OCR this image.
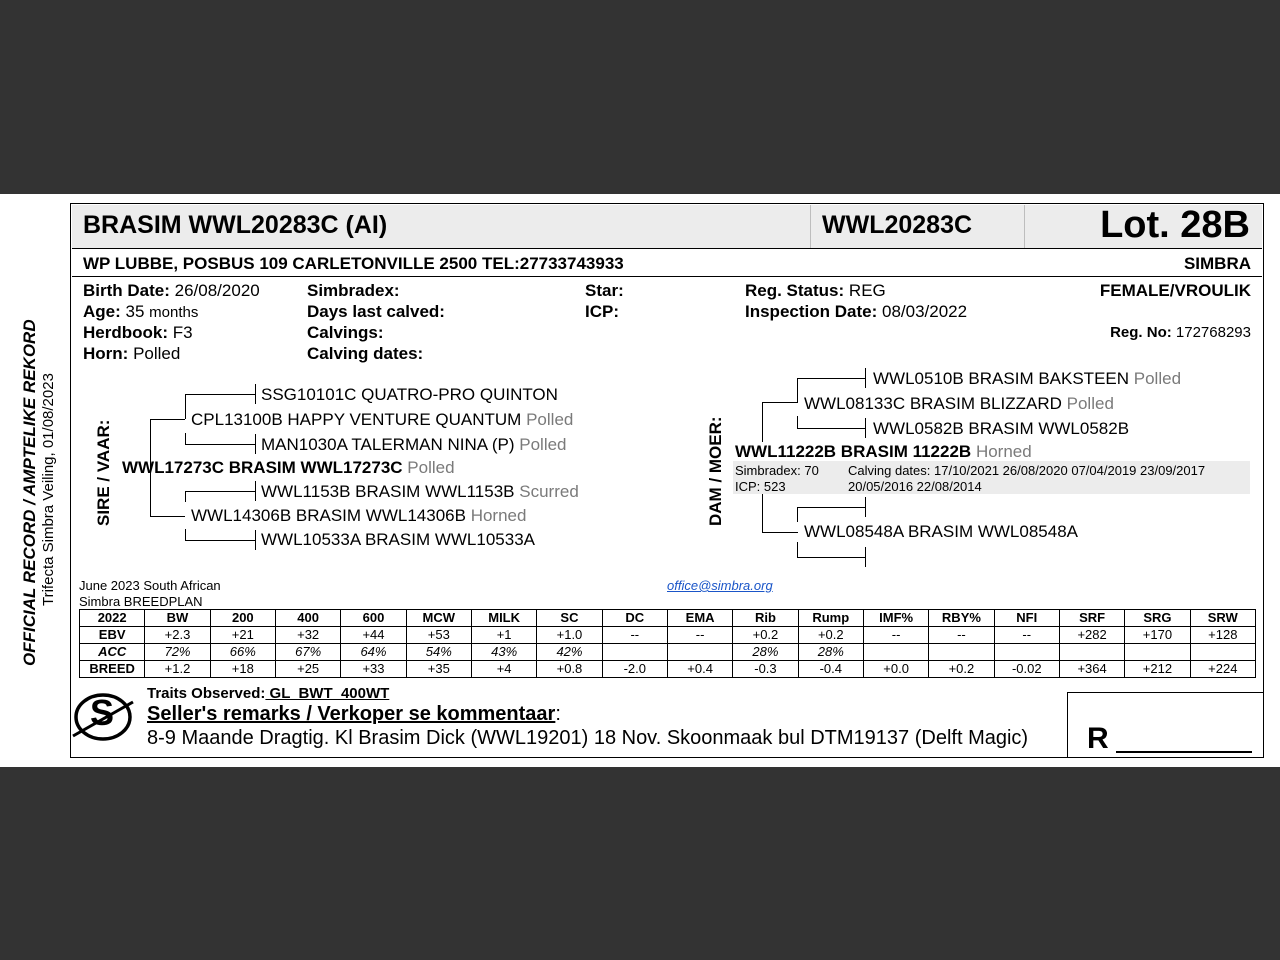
OFFICIAL RECORD / AMPTELIKE REKORD Trifecta Simbra Veiling, 01/08/2023
BRASIM WWL20283C (AI)	WWL20283C	Lot. 28B
WP LUBBE, POSBUS 109 CARLETONVILLE 2500 TEL:27733743933	SIMBRA
Birth Date: 26/08/2020
Age: 35 months
Herdbook: F3
Horn: Polled
Simbradex:
Days last calved:
Calvings:
Calving dates:
Star:
ICP:
Reg. Status: REG
Inspection Date: 08/03/2022
FEMALE/VROULIK
Reg. No: 172768293
SIRE / VAAR:
SSG10101C QUATRO-PRO QUINTON
CPL13100B HAPPY VENTURE QUANTUM Polled
MAN1030A TALERMAN NINA (P) Polled
WWL17273C BRASIM WWL17273C Polled
WWL1153B BRASIM WWL1153B Scurred
WWL14306B BRASIM WWL14306B Horned
WWL10533A BRASIM WWL10533A
DAM / MOER:
WWL0510B BRASIM BAKSTEEN Polled
WWL08133C BRASIM BLIZZARD Polled
WWL0582B BRASIM WWL0582B
WWL11222B BRASIM 11222B Horned
Simbradex: 70
ICP: 523
Calving dates: 17/10/2021 26/08/2020 07/04/2019 23/09/2017
20/05/2016 22/08/2014
WWL08548A BRASIM WWL08548A
June 2023 South African
Simbra BREEDPLAN
office@simbra.org
2022	BW	200	400	600	MCW	MILK	SC	DC	EMA	Rib	Rump	IMF%	RBY%	NFI	SRF	SRG	SRW
EBV	+2.3	+21	+32	+44	+53	+1	+1.0	--	--	+0.2	+0.2	--	--	--	+282	+170	+128
ACC	72%	66%	67%	64%	54%	43%	42%			28%	28%						
BREED	+1.2	+18	+25	+33	+35	+4	+0.8	-2.0	+0.4	-0.3	-0.4	+0.0	+0.2	-0.02	+364	+212	+224
S Traits Observed: GL  BWT  400WT
Seller's remarks / Verkoper se kommentaar:
8-9 Maande Dragtig. Kl Brasim Dick (WWL19201) 18 Nov. Skoonmaak bul DTM19137 (Delft Magic) R
